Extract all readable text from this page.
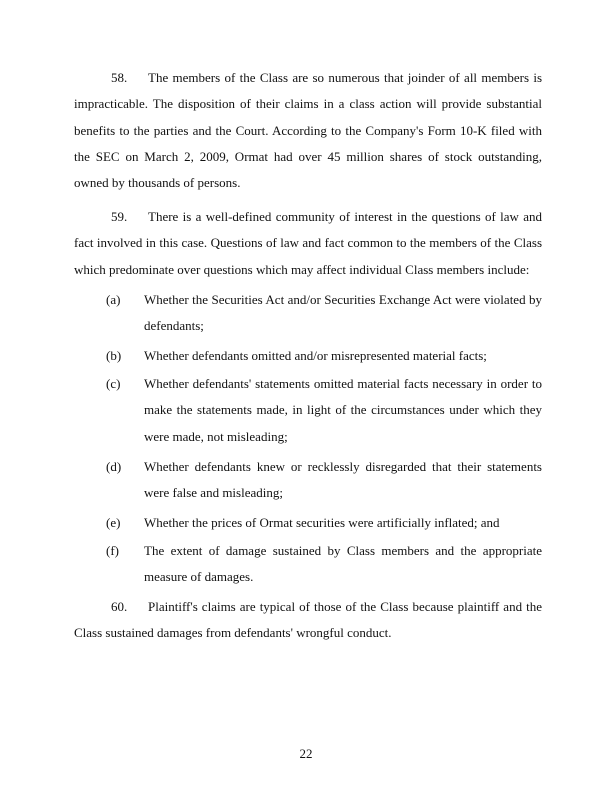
58. The members of the Class are so numerous that joinder of all members is impracticable. The disposition of their claims in a class action will provide substantial benefits to the parties and the Court. According to the Company's Form 10-K filed with the SEC on March 2, 2009, Ormat had over 45 million shares of stock outstanding, owned by thousands of persons.

59. There is a well-defined community of interest in the questions of law and fact involved in this case. Questions of law and fact common to the members of the Class which predominate over questions which may affect individual Class members include:

(a)	Whether the Securities Act and/or Securities Exchange Act were violated by defendants;
(b)	Whether defendants omitted and/or misrepresented material facts;
(c)	Whether defendants' statements omitted material facts necessary in order to make the statements made, in light of the circumstances under which they were made, not misleading;
(d)	Whether defendants knew or recklessly disregarded that their statements were false and misleading;
(e)	Whether the prices of Ormat securities were artificially inflated; and
(f)	The extent of damage sustained by Class members and the appropriate measure of damages.

60. Plaintiff's claims are typical of those of the Class because plaintiff and the Class sustained damages from defendants' wrongful conduct.

22
